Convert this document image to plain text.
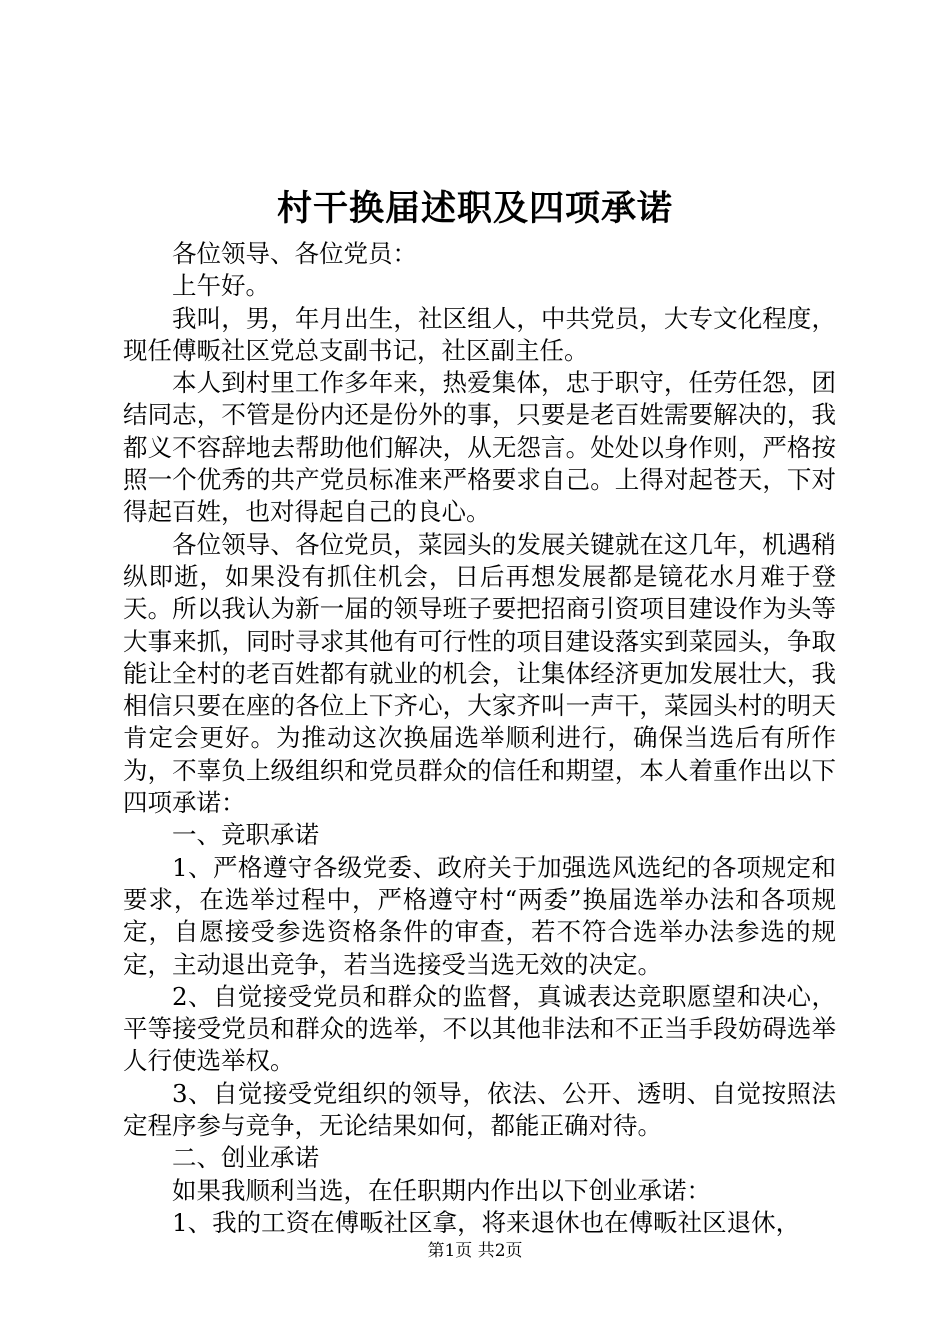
村干换届述职及四项承诺

各位领导、各位党员：

上午好。

我叫，男，年月出生，社区组人，中共党员，大专文化程度，现任傅畈社区党总支副书记，社区副主任。

本人到村里工作多年来，热爱集体，忠于职守，任劳任怨，团结同志，不管是份内还是份外的事，只要是老百姓需要解决的，我都义不容辞地去帮助他们解决，从无怨言。处处以身作则，严格按照一个优秀的共产党员标准来严格要求自己。上得对起苍天，下对得起百姓，也对得起自己的良心。

各位领导、各位党员，菜园头的发展关键就在这几年，机遇稍纵即逝，如果没有抓住机会，日后再想发展都是镜花水月难于登天。所以我认为新一届的领导班子要把招商引资项目建设作为头等大事来抓，同时寻求其他有可行性的项目建设落实到菜园头，争取能让全村的老百姓都有就业的机会，让集体经济更加发展壮大，我相信只要在座的各位上下齐心，大家齐叫一声干，菜园头村的明天肯定会更好。为推动这次换届选举顺利进行，确保当选后有所作为，不辜负上级组织和党员群众的信任和期望，本人着重作出以下四项承诺：

一、竞职承诺

1、严格遵守各级党委、政府关于加强选风选纪的各项规定和要求，在选举过程中，严格遵守村“两委”换届选举办法和各项规定，自愿接受参选资格条件的审查，若不符合选举办法参选的规定，主动退出竞争，若当选接受当选无效的决定。

2、自觉接受党员和群众的监督，真诚表达竞职愿望和决心，平等接受党员和群众的选举，不以其他非法和不正当手段妨碍选举人行使选举权。

3、自觉接受党组织的领导，依法、公开、透明、自觉按照法定程序参与竞争，无论结果如何，都能正确对待。

二、创业承诺

如果我顺利当选，在任职期内作出以下创业承诺：

1、我的工资在傅畈社区拿，将来退休也在傅畈社区退休，

第1页 共2页
